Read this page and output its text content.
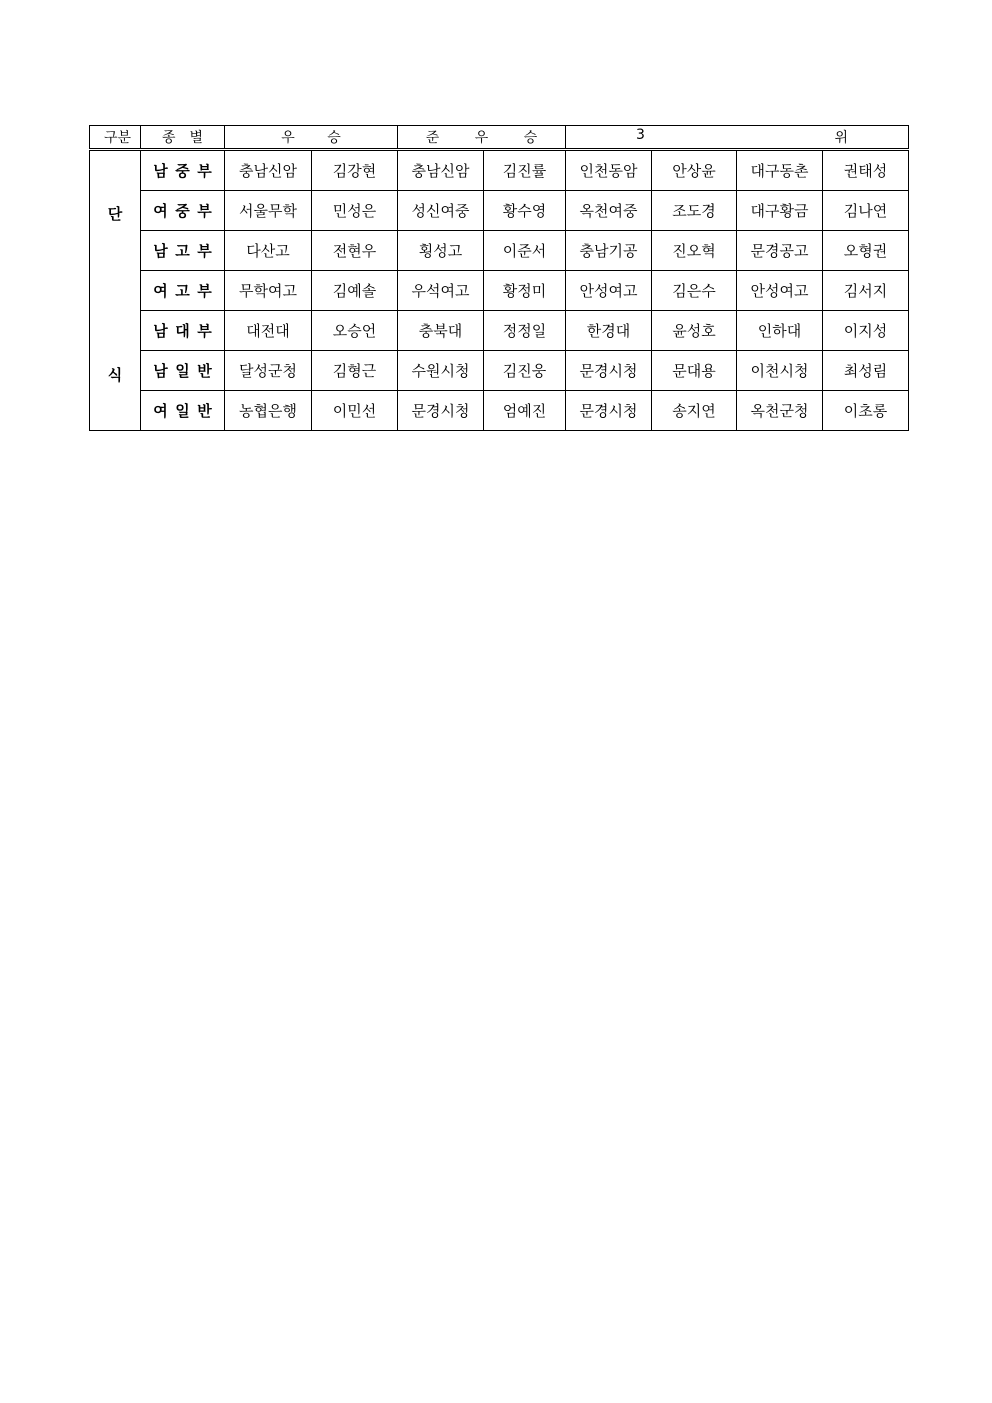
구 분	종 별	우 승		준 우 승		3 위			

단
식	남중부	충남신암	김강현	충남신암	김진률	인천동암	안상윤	대구동촌	권태성
	여중부	서울무학	민성은	성신여중	황수영	옥천여중	조도경	대구황금	김나연
	남고부	다산고	전현우	횡성고	이준서	충남기공	진오혁	문경공고	오형권
	여고부	무학여고	김예솔	우석여고	황정미	안성여고	김은수	안성여고	김서지
	남대부	대전대	오승언	충북대	정정일	한경대	윤성호	인하대	이지성
	남일반	달성군청	김형근	수원시청	김진웅	문경시청	문대용	이천시청	최성림
	여일반	농협은행	이민선	문경시청	엄예진	문경시청	송지연	옥천군청	이초롱
